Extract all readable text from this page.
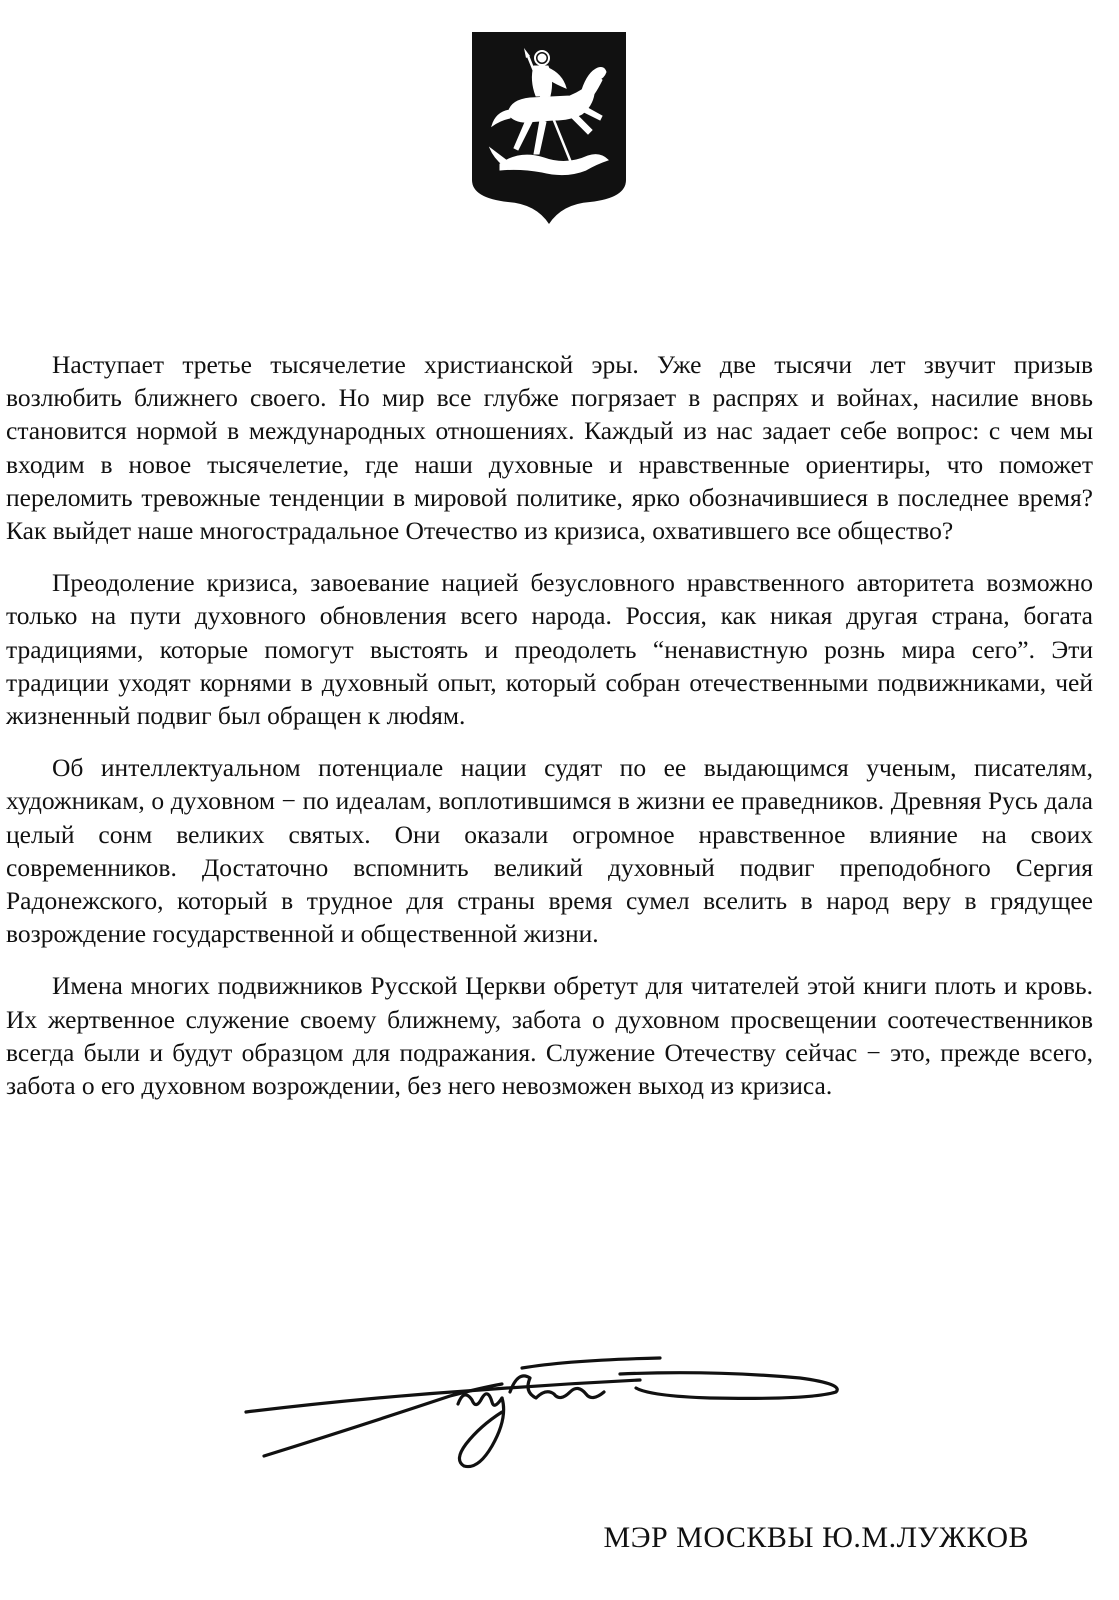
Наступает третье тысячелетие христианской эры. Уже две тысячи лет звучит призыв возлюбить ближнего своего. Но мир все глубже погрязает в распрях и войнах, насилие вновь становится нормой в международных отношениях. Каждый из нас задает себе вопрос: с чем мы входим в новое тысячелетие, где наши духовные и нравственные ориентиры, что поможет переломить тревожные тенденции в мировой политике, ярко обозначившиеся в последнее время? Как выйдет наше многострадальное Отечество из кризиса, охватившего все общество?

Преодоление кризиса, завоевание нацией безусловного нравственного авторитета возможно только на пути духовного обновления всего народа. Россия, как никая другая страна, богата традициями, которые помогут выстоять и преодолеть “ненавистную рознь мира сего”. Эти традиции уходят корнями в духовный опыт, который собран отечественными подвижниками, чей жизненный подвиг был обращен к люdям.

Об интеллектуальном потенциале нации судят по ее выдающимся ученым, писателям, художникам, о духовном − по идеалам, воплотившимся в жизни ее праведников. Древняя Русь дала целый сонм великих святых. Они оказали огромное нравственное влияние на своих современников. Достаточно вспомнить великий духовный подвиг преподобного Сергия Радонежского, который в трудное для страны время сумел вселить в народ веру в грядущее возрождение государственной и общественной жизни.

Имена многих подвижников Русской Церкви обретут для читателей этой книги плоть и кровь. Их жертвенное служение своему ближнему, забота о духовном просвещении соотечественников всегда были и будут образцом для подражания. Служение Отечеству сейчас − это, прежде всего, забота о его духовном возрождении, без него невозможен выход из кризиса.

МЭР МОСКВЫ Ю.М.ЛУЖКОВ
